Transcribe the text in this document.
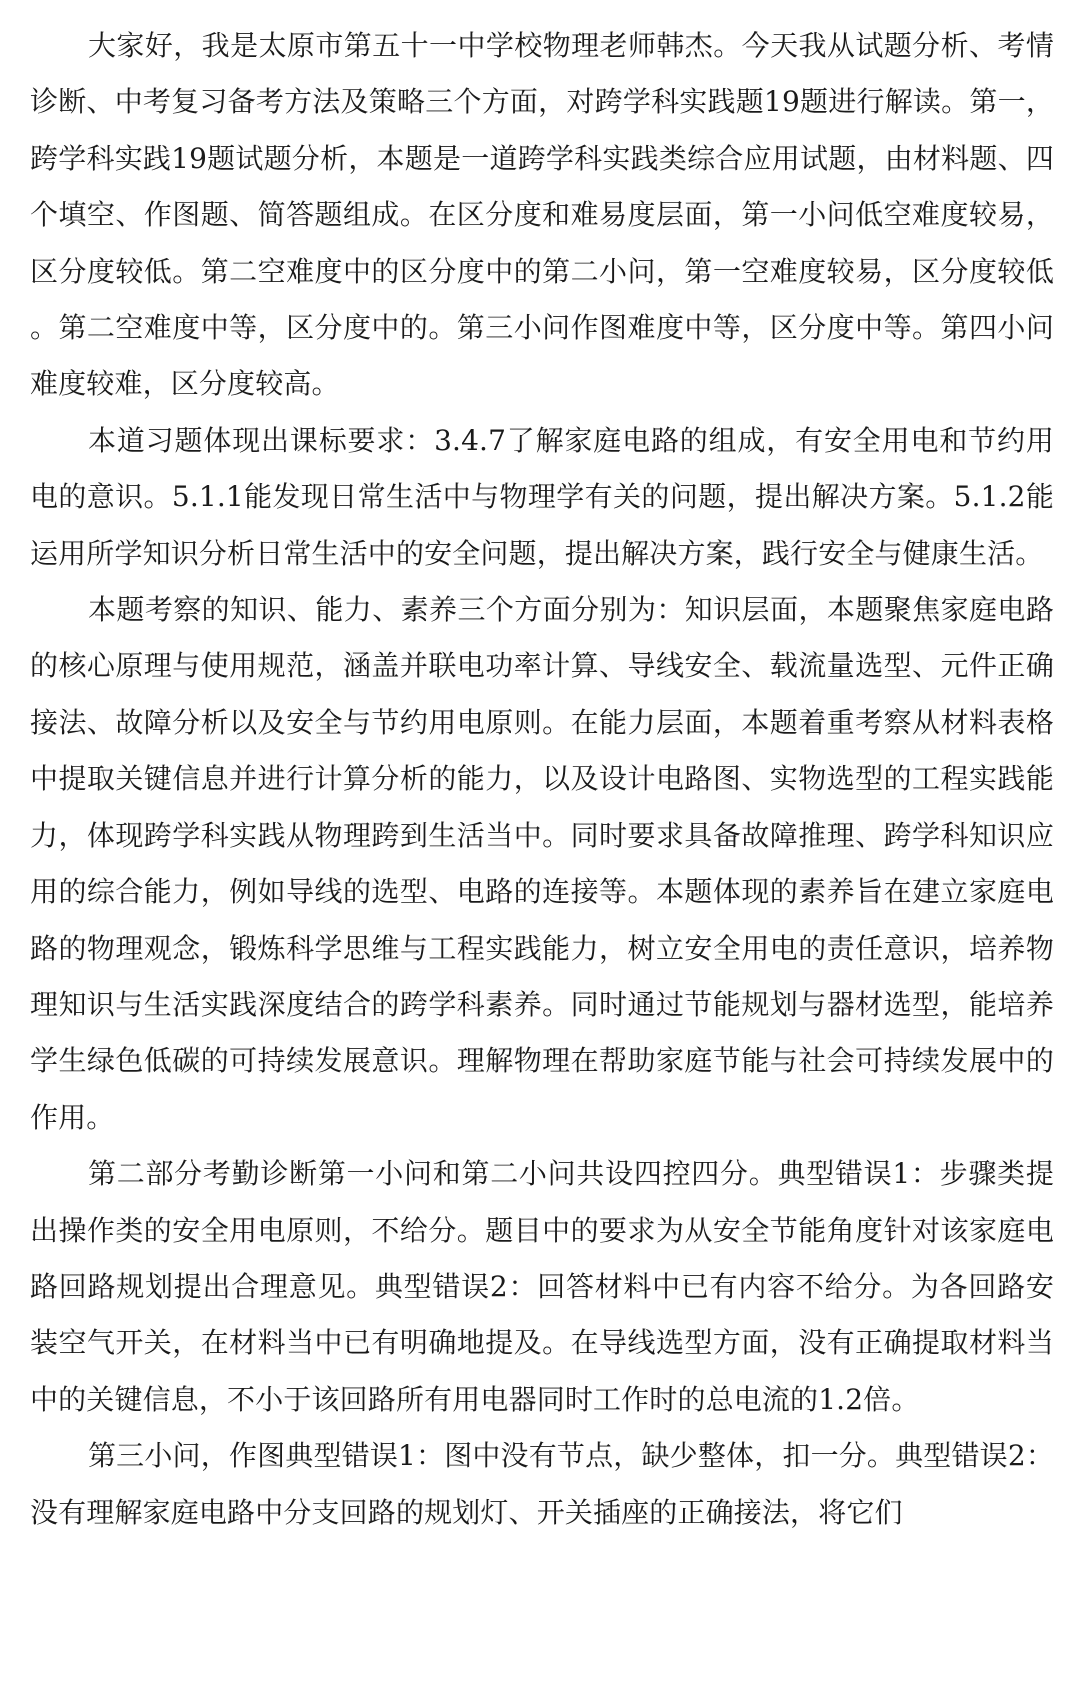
大家好，我是太原市第五十一中学校物理老师韩杰。今天我从试题分析、考情诊断、中考复习备考方法及策略三个方面，对跨学科实践题19题进行解读。第一，跨学科实践19题试题分析，本题是一道跨学科实践类综合应用试题，由材料题、四个填空、作图题、简答题组成。在区分度和难易度层面，第一小问低空难度较易，区分度较低。第二空难度中的区分度中的第二小问，第一空难度较易，区分度较低。第二空难度中等，区分度中的。第三小问作图难度中等，区分度中等。第四小问难度较难，区分度较高。

本道习题体现出课标要求：3.4.7了解家庭电路的组成，有安全用电和节约用电的意识。5.1.1能发现日常生活中与物理学有关的问题，提出解决方案。5.1.2能运用所学知识分析日常生活中的安全问题，提出解决方案，践行安全与健康生活。

本题考察的知识、能力、素养三个方面分别为：知识层面，本题聚焦家庭电路的核心原理与使用规范，涵盖并联电功率计算、导线安全、载流量选型、元件正确接法、故障分析以及安全与节约用电原则。在能力层面，本题着重考察从材料表格中提取关键信息并进行计算分析的能力，以及设计电路图、实物选型的工程实践能力，体现跨学科实践从物理跨到生活当中。同时要求具备故障推理、跨学科知识应用的综合能力，例如导线的选型、电路的连接等。本题体现的素养旨在建立家庭电路的物理观念，锻炼科学思维与工程实践能力，树立安全用电的责任意识，培养物理知识与生活实践深度结合的跨学科素养。同时通过节能规划与器材选型，能培养学生绿色低碳的可持续发展意识。理解物理在帮助家庭节能与社会可持续发展中的作用。

第二部分考勤诊断第一小问和第二小问共设四控四分。典型错误1：步骤类提出操作类的安全用电原则，不给分。题目中的要求为从安全节能角度针对该家庭电路回路规划提出合理意见。典型错误2：回答材料中已有内容不给分。为各回路安装空气开关，在材料当中已有明确地提及。在导线选型方面，没有正确提取材料当中的关键信息，不小于该回路所有用电器同时工作时的总电流的1.2倍。

第三小问，作图典型错误1：图中没有节点，缺少整体，扣一分。典型错误2：没有理解家庭电路中分支回路的规划灯、开关插座的正确接法，将它们
